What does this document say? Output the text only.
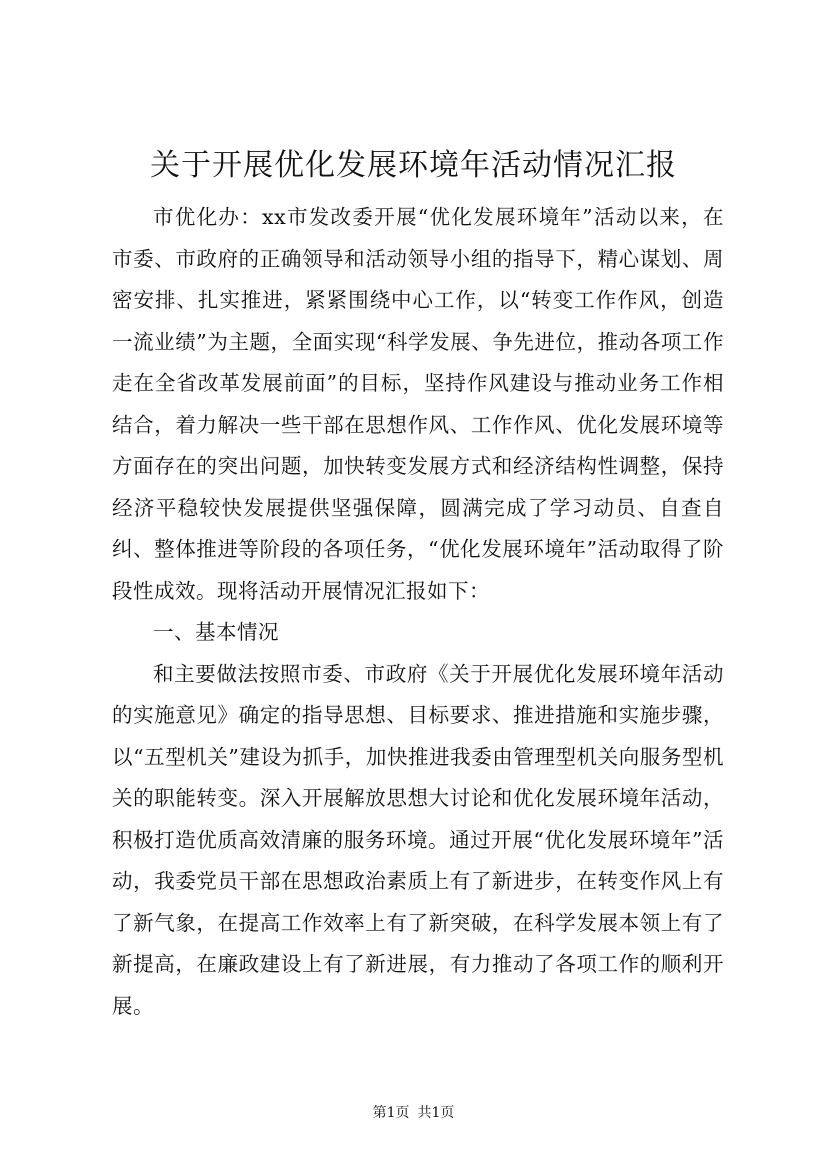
关于开展优化发展环境年活动情况汇报

市优化办：xx市发改委开展“优化发展环境年”活动以来，在市委、市政府的正确领导和活动领导小组的指导下，精心谋划、周密安排、扎实推进，紧紧围绕中心工作，以“转变工作作风，创造一流业绩”为主题，全面实现“科学发展、争先进位，推动各项工作走在全省改革发展前面”的目标，坚持作风建设与推动业务工作相结合，着力解决一些干部在思想作风、工作作风、优化发展环境等方面存在的突出问题，加快转变发展方式和经济结构性调整，保持经济平稳较快发展提供坚强保障，圆满完成了学习动员、自查自纠、整体推进等阶段的各项任务，“优化发展环境年”活动取得了阶段性成效。现将活动开展情况汇报如下：

一、基本情况

和主要做法按照市委、市政府《关于开展优化发展环境年活动的实施意见》确定的指导思想、目标要求、推进措施和实施步骤，以“五型机关”建设为抓手，加快推进我委由管理型机关向服务型机关的职能转变。深入开展解放思想大讨论和优化发展环境年活动，积极打造优质高效清廉的服务环境。通过开展“优化发展环境年”活动，我委党员干部在思想政治素质上有了新进步，在转变作风上有了新气象，在提高工作效率上有了新突破，在科学发展本领上有了新提高，在廉政建设上有了新进展，有力推动了各项工作的顺利开展。

第1页 共1页
